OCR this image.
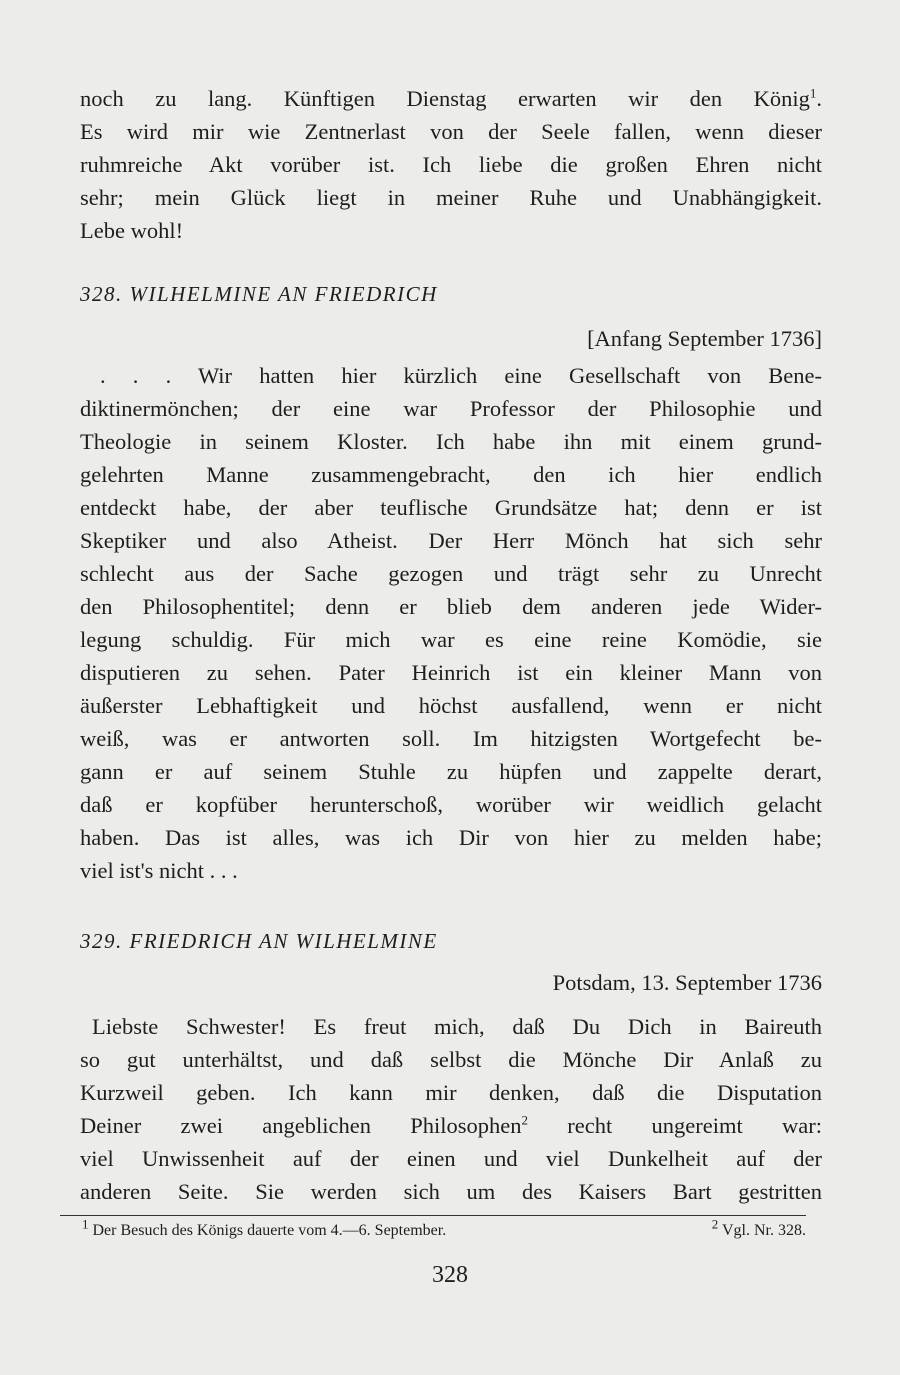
noch zu lang. Künftigen Dienstag erwarten wir den König$^1$.
Es wird mir wie Zentnerlast von der Seele fallen, wenn dieser
ruhmreiche Akt vorüber ist. Ich liebe die großen Ehren nicht
sehr; mein Glück liegt in meiner Ruhe und Unabhängigkeit.
Lebe wohl!
328. WILHELMINE AN FRIEDRICH
[Anfang September 1736]
. . . Wir hatten hier kürzlich eine Gesellschaft von Bene-
diktinermönchen; der eine war Professor der Philosophie und
Theologie in seinem Kloster. Ich habe ihn mit einem grund-
gelehrten Manne zusammengebracht, den ich hier endlich
entdeckt habe, der aber teuflische Grundsätze hat; denn er ist
Skeptiker und also Atheist. Der Herr Mönch hat sich sehr
schlecht aus der Sache gezogen und trägt sehr zu Unrecht
den Philosophentitel; denn er blieb dem anderen jede Wider-
legung schuldig. Für mich war es eine reine Komödie, sie
disputieren zu sehen. Pater Heinrich ist ein kleiner Mann von
äußerster Lebhaftigkeit und höchst ausfallend, wenn er nicht
weiß, was er antworten soll. Im hitzigsten Wortgefecht be-
gann er auf seinem Stuhle zu hüpfen und zappelte derart,
daß er kopfüber herunterschoß, worüber wir weidlich gelacht
haben. Das ist alles, was ich Dir von hier zu melden habe;
viel ist's nicht . . .
329. FRIEDRICH AN WILHELMINE
Potsdam, 13. September 1736
Liebste Schwester! Es freut mich, daß Du Dich in Baireuth
so gut unterhältst, und daß selbst die Mönche Dir Anlaß zu
Kurzweil geben. Ich kann mir denken, daß die Disputation
Deiner zwei angeblichen Philosophen$^2$ recht ungereimt war:
viel Unwissenheit auf der einen und viel Dunkelheit auf der
anderen Seite. Sie werden sich um des Kaisers Bart gestritten
$^1$ Der Besuch des Königs dauerte vom 4.—6. September.	$^2$ Vgl. Nr. 328.
328
